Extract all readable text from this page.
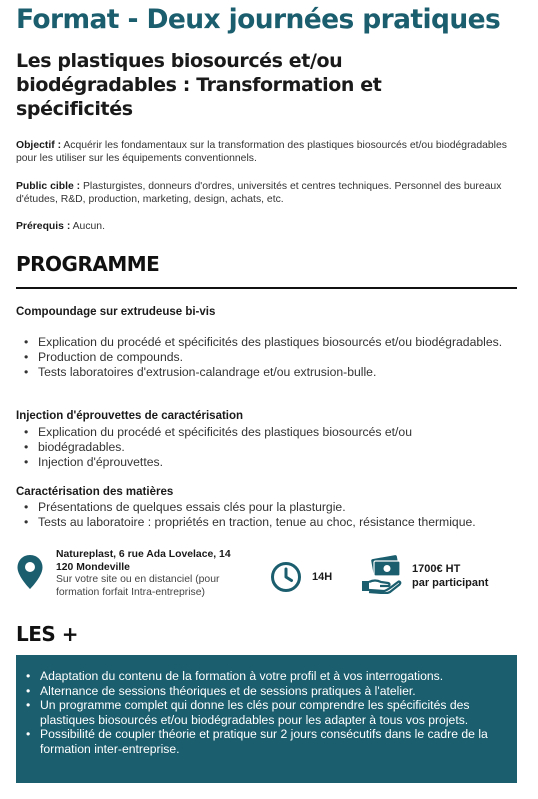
Format - Deux journées pratiques
Les plastiques biosourcés et/ou biodégradables : Transformation et spécificités
Objectif : Acquérir les fondamentaux sur la transformation des plastiques biosourcés et/ou biodégradables pour les utiliser sur les équipements conventionnels.
Public cible : Plasturgistes, donneurs d'ordres, universités et centres techniques. Personnel des bureaux d'études, R&D, production, marketing, design, achats, etc.
Prérequis : Aucun.
PROGRAMME
Compoundage sur extrudeuse bi-vis
• Explication du procédé et spécificités des plastiques biosourcés et/ou biodégradables.
• Production de compounds.
• Tests laboratoires d'extrusion-calandrage et/ou extrusion-bulle.
Injection d'éprouvettes de caractérisation
• Explication du procédé et spécificités des plastiques biosourcés et/ou
• biodégradables.
• Injection d'éprouvettes.
Caractérisation des matières
• Présentations de quelques essais clés pour la plasturgie.
• Tests au laboratoire : propriétés en traction, tenue au choc, résistance thermique.
Natureplast, 6 rue Ada Lovelace, 14
120 Mondeville
Sur votre site ou en distanciel (pour formation forfait Intra-entreprise)
14H
1700€ HT
par participant
LES +
• Adaptation du contenu de la formation à votre profil et à vos interrogations.
• Alternance de sessions théoriques et de sessions pratiques à l'atelier.
• Un programme complet qui donne les clés pour comprendre les spécificités des plastiques biosourcés et/ou biodégradables pour les adapter à tous vos projets.
• Possibilité de coupler théorie et pratique sur 2 jours consécutifs dans le cadre de la formation inter-entreprise.
